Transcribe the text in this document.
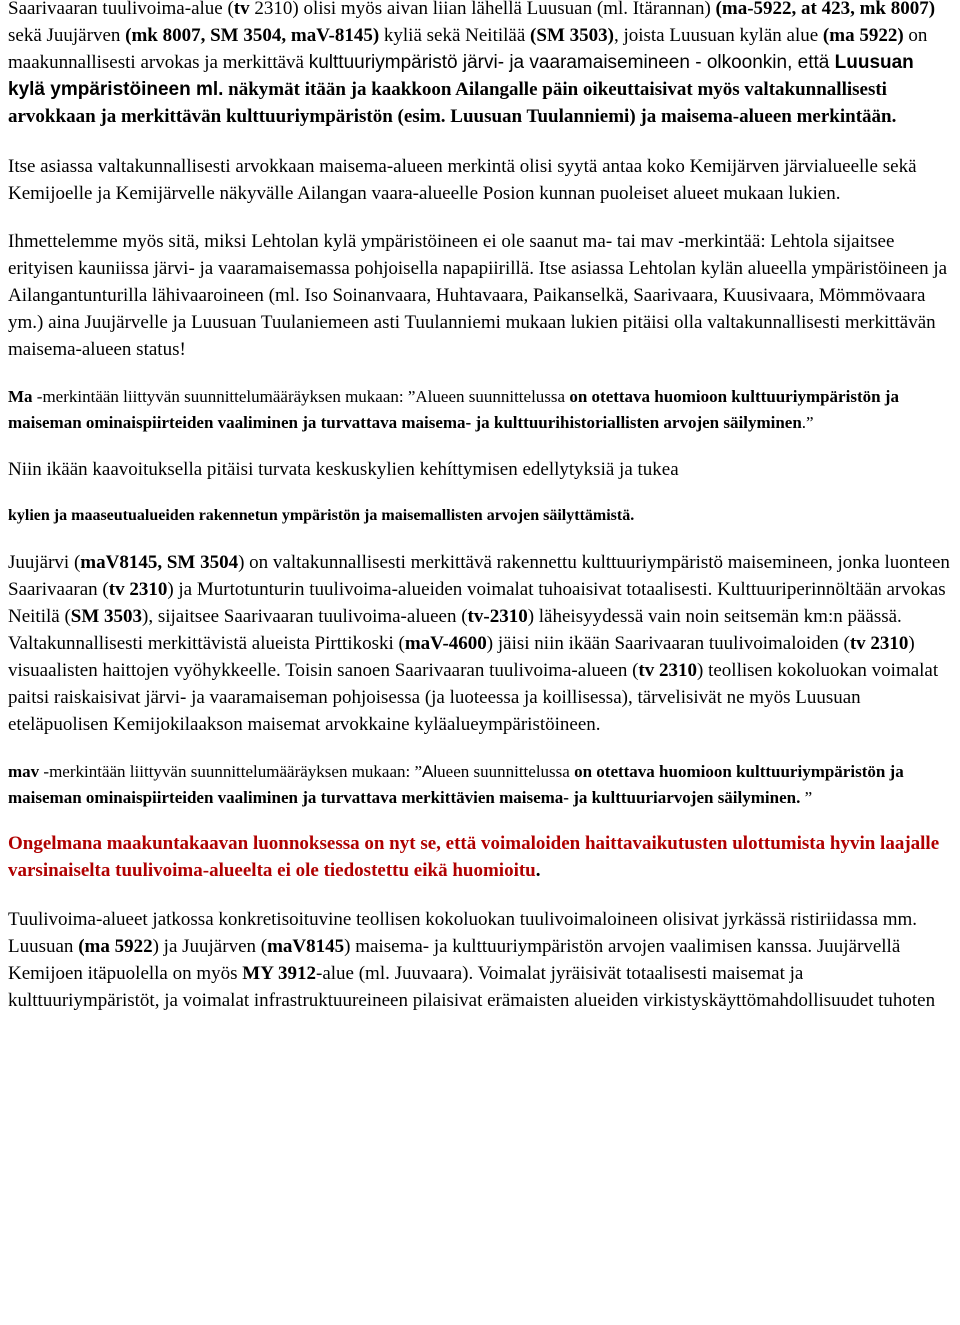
Saarivaaran tuulivoima-alue (tv 2310) olisi myös aivan liian lähellä Luusuan (ml. Itärannan) (ma-5922, at 423, mk 8007) sekä Juujärven (mk 8007, SM 3504, maV-8145) kyliä sekä Neitilää (SM 3503), joista Luusuan kylän alue (ma 5922) on maakunnallisesti arvokas ja merkittävä kulttuuriympäristö järvi- ja vaaramaisemineen - olkoonkin, että Luusuan kylä ympäristöineen ml. näkymät itään ja kaakkoon Ailangalle päin oikeuttaisivat myös valtakunnallisesti arvokkaan ja merkittävän kulttuuriympäristön (esim. Luusuan Tuulanniemi) ja maisema-alueen merkintään.

Itse asiassa valtakunnallisesti arvokkaan maisema-alueen merkintä olisi syytä antaa koko Kemijärven järvialueelle sekä Kemijoelle ja Kemijärvelle näkyvälle Ailangan vaara-alueelle Posion kunnan puoleiset alueet mukaan lukien.

Ihmettelemme myös sitä, miksi Lehtolan kylä ympäristöineen ei ole saanut ma- tai mav -merkintää: Lehtola sijaitsee erityisen kauniissa järvi- ja vaaramaisemassa pohjoisella napapiirillä. Itse asiassa Lehtolan kylän alueella ympäristöineen ja Ailangantunturilla lähivaaroineen (ml. Iso Soinanvaara, Huhtavaara, Paikanselkä, Saarivaara, Kuusivaara, Mömmövaara ym.) aina Juujärvelle ja Luusuan Tuulaniemeen asti Tuulanniemi mukaan lukien pitäisi olla valtakunnallisesti merkittävän maisema-alueen status!

Ma -merkintään liittyvän suunnittelumääräyksen mukaan: ”Alueen suunnittelussa on otettava huomioon kulttuuriympäristön ja maiseman ominaispiirteiden vaaliminen ja turvattava maisema- ja kulttuurihistoriallisten arvojen säilyminen.”

Niin ikään kaavoituksella pitäisi turvata keskuskylien kehíttymisen edellytyksiä ja tukea

kylien ja maaseutualueiden rakennetun ympäristön ja maisemallisten arvojen säilyttämistä.

Juujärvi (maV8145, SM 3504) on valtakunnallisesti merkittävä rakennettu kulttuuriympäristö maisemineen, jonka luonteen Saarivaaran (tv 2310) ja Murtotunturin tuulivoima-alueiden voimalat tuhoaisivat totaalisesti. Kulttuuriperinnöltään arvokas Neitilä (SM 3503), sijaitsee Saarivaaran tuulivoima-alueen (tv-2310) läheisyydessä vain noin seitsemän km:n päässä. Valtakunnallisesti merkittävistä alueista Pirttikoski (maV-4600) jäisi niin ikään Saarivaaran tuulivoimaloiden (tv 2310) visuaalisten haittojen vyöhykkeelle. Toisin sanoen Saarivaaran tuulivoima-alueen (tv 2310) teollisen kokoluokan voimalat paitsi raiskaisivat järvi- ja vaaramaiseman pohjoisessa (ja luoteessa ja koillisessa), tärvelisivät ne myös Luusuan eteläpuolisen Kemijokilaakson maisemat arvokkaine kyläalueympäristöineen.

mav -merkintään liittyvän suunnittelumääräyksen mukaan: ”Alueen suunnittelussa on otettava huomioon kulttuuriympäristön ja maiseman ominaispiirteiden vaaliminen ja turvattava merkittävien maisema- ja kulttuuriarvojen säilyminen. ”

Ongelmana maakuntakaavan luonnoksessa on nyt se, että voimaloiden haittavaikutusten ulottumista hyvin laajalle varsinaiselta tuulivoima-alueelta ei ole tiedostettu eikä huomioitu.

Tuulivoima-alueet jatkossa konkretisoituvine teollisen kokoluokan tuulivoimaloineen olisivat jyrkässä ristiriidassa mm. Luusuan (ma 5922) ja Juujärven (maV8145) maisema- ja kulttuuriympäristön arvojen vaalimisen kanssa. Juujärvellä Kemijoen itäpuolella on myös MY 3912-alue (ml. Juuvaara). Voimalat jyräisivät totaalisesti maisemat ja kulttuuriympäristöt, ja voimalat infrastruktuureineen pilaisivat erämaisten alueiden virkistyskäyttömahdollisuudet tuhoten
